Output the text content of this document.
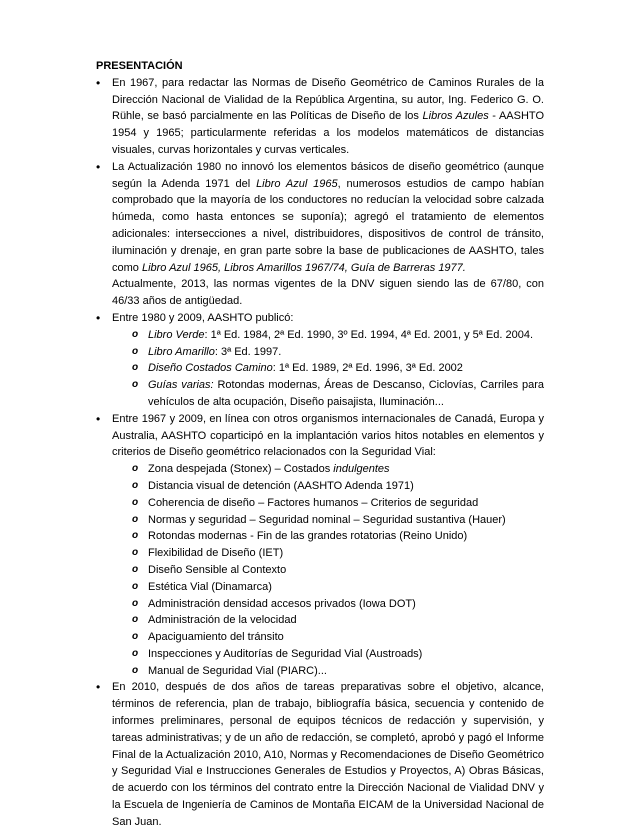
PRESENTACIÓN
• En 1967, para redactar las Normas de Diseño Geométrico de Caminos Rurales de la Dirección Nacional de Vialidad de la República Argentina, su autor, Ing. Federico G. O. Rühle, se basó parcialmente en las Políticas de Diseño de los Libros Azules - AASHTO 1954 y 1965; particularmente referidas a los modelos matemáticos de distancias visuales, curvas horizontales y curvas verticales.
• La Actualización 1980 no innovó los elementos básicos de diseño geométrico (aunque según la Adenda 1971 del Libro Azul 1965, numerosos estudios de campo habían comprobado que la mayoría de los conductores no reducían la velocidad sobre calzada húmeda, como hasta entonces se suponía); agregó el tratamiento de elementos adicionales: intersecciones a nivel, distribuidores, dispositivos de control de tránsito, iluminación y drenaje, en gran parte sobre la base de publicaciones de AASHTO, tales como Libro Azul 1965, Libros Amarillos 1967/74, Guía de Barreras 1977.
Actualmente, 2013, las normas vigentes de la DNV siguen siendo las de 67/80, con 46/33 años de antigüedad.
• Entre 1980 y 2009, AASHTO publicó:
o Libro Verde: 1ª Ed. 1984, 2ª Ed. 1990, 3º Ed. 1994, 4ª Ed. 2001, y 5ª Ed. 2004.
o Libro Amarillo: 3ª Ed. 1997.
o Diseño Costados Camino: 1ª Ed. 1989, 2ª Ed. 1996, 3ª Ed. 2002
o Guías varias: Rotondas modernas, Áreas de Descanso, Ciclovías, Carriles para vehículos de alta ocupación, Diseño paisajista, Iluminación...
• Entre 1967 y 2009, en línea con otros organismos internacionales de Canadá, Europa y Australia, AASHTO coparticipó en la implantación varios hitos notables en elementos y criterios de Diseño geométrico relacionados con la Seguridad Vial:
o Zona despejada (Stonex) – Costados indulgentes
o Distancia visual de detención (AASHTO Adenda 1971)
o Coherencia de diseño – Factores humanos – Criterios de seguridad
o Normas y seguridad – Seguridad nominal – Seguridad sustantiva (Hauer)
o Rotondas modernas - Fin de las grandes rotatorias (Reino Unido)
o Flexibilidad de Diseño (IET)
o Diseño Sensible al Contexto
o Estética Vial (Dinamarca)
o Administración densidad accesos privados (Iowa DOT)
o Administración de la velocidad
o Apaciguamiento del tránsito
o Inspecciones y Auditorías de Seguridad Vial (Austroads)
o Manual de Seguridad Vial (PIARC)...
• En 2010, después de dos años de tareas preparativas sobre el objetivo, alcance, términos de referencia, plan de trabajo, bibliografía básica, secuencia y contenido de informes preliminares, personal de equipos técnicos de redacción y supervisión, y tareas administrativas; y de un año de redacción, se completó, aprobó y pagó el Informe Final de la Actualización 2010, A10, Normas y Recomendaciones de Diseño Geométrico y Seguridad Vial e Instrucciones Generales de Estudios y Proyectos, A) Obras Básicas, de acuerdo con los términos del contrato entre la Dirección Nacional de Vialidad DNV y la Escuela de Ingeniería de Caminos de Montaña EICAM de la Universidad Nacional de San Juan.
